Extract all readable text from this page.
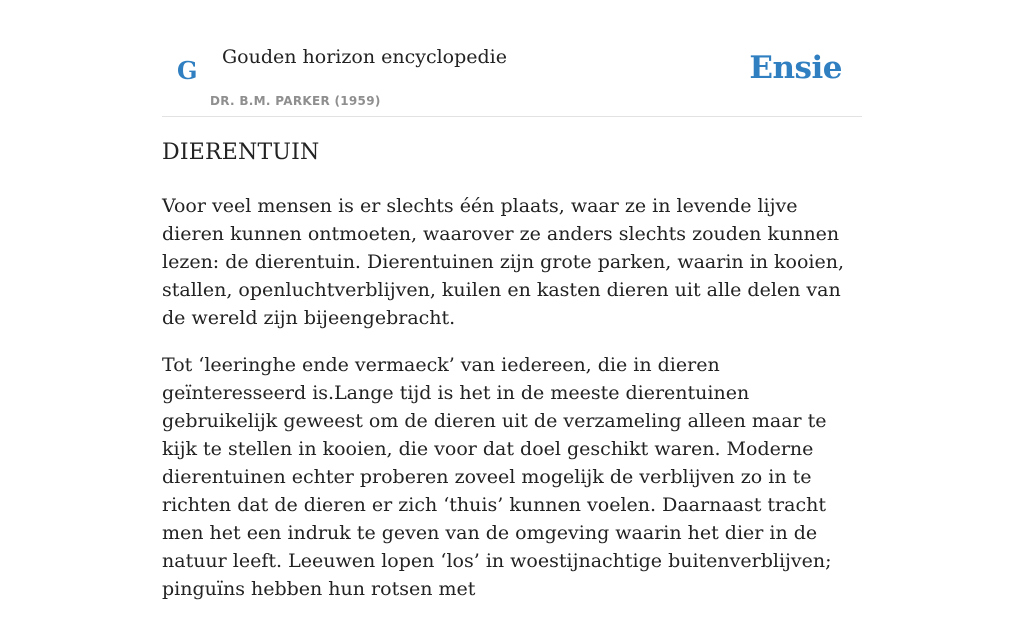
G Gouden horizon encyclopedie
DR. B.M. PARKER (1959)
Ensie
DIERENTUIN

Voor veel mensen is er slechts één plaats, waar ze in levende lijve dieren kunnen ontmoeten, waarover ze anders slechts zouden kunnen lezen: de dierentuin. Dierentuinen zijn grote parken, waarin in kooien, stallen, openluchtverblijven, kuilen en kasten dieren uit alle delen van de wereld zijn bijeengebracht.

Tot ‘leeringhe ende vermaeck’ van iedereen, die in dieren geïnteresseerd is.Lange tijd is het in de meeste dierentuinen gebruikelijk geweest om de dieren uit de verzameling alleen maar te kijk te stellen in kooien, die voor dat doel geschikt waren. Moderne dierentuinen echter proberen zoveel mogelijk de verblijven zo in te richten dat de dieren er zich ‘thuis’ kunnen voelen. Daarnaast tracht men het een indruk te geven van de omgeving waarin het dier in de natuur leeft. Leeuwen lopen ‘los’ in woestijnachtige buitenverblijven; pinguïns hebben hun rotsen met
